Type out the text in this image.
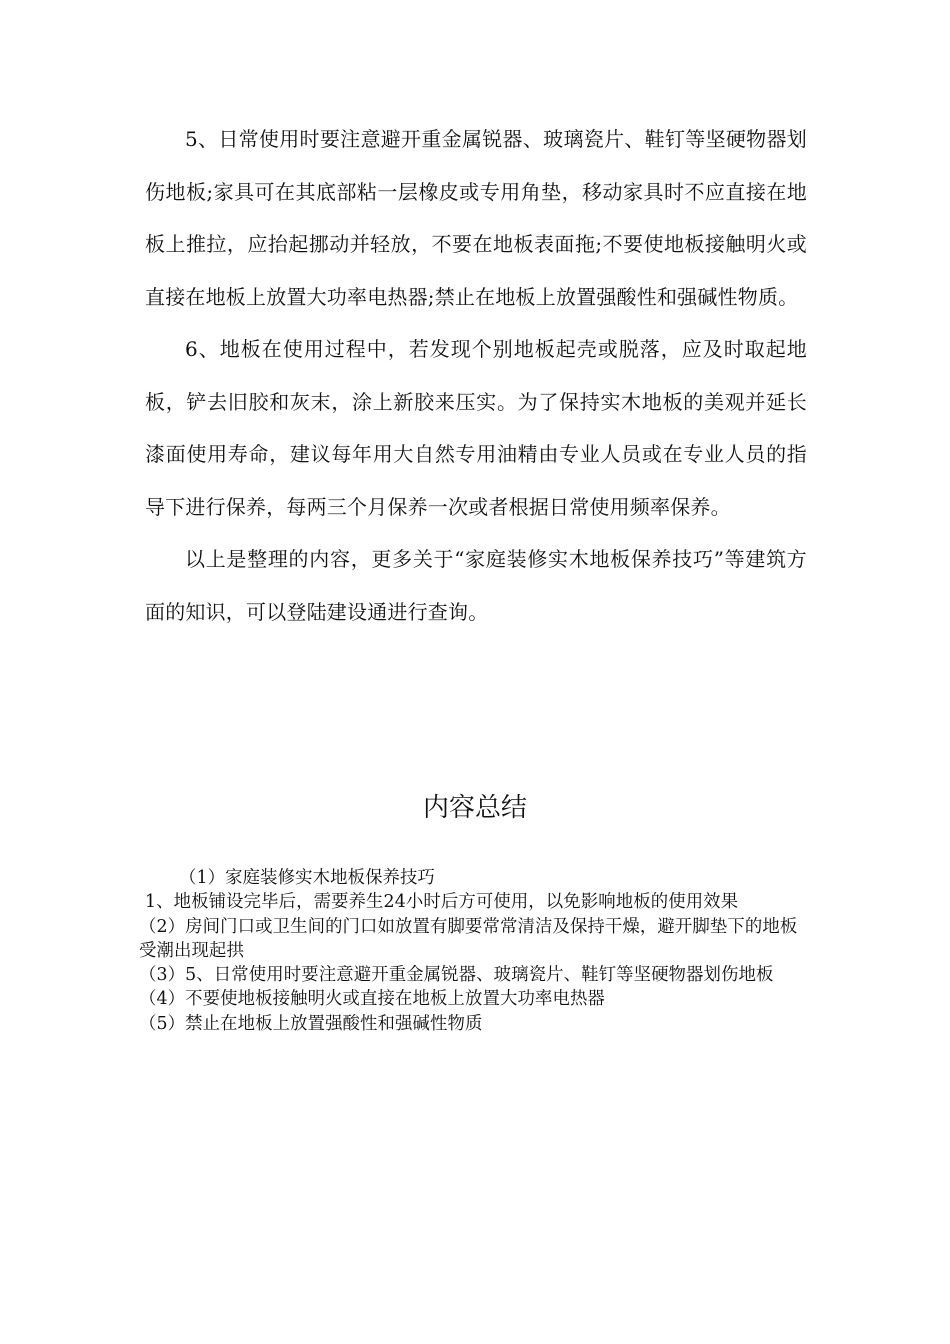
5、日常使用时要注意避开重金属锐器、玻璃瓷片、鞋钉等坚硬物器划伤地板;家具可在其底部粘一层橡皮或专用角垫，移动家具时不应直接在地板上推拉，应抬起挪动并轻放，不要在地板表面拖;不要使地板接触明火或直接在地板上放置大功率电热器;禁止在地板上放置强酸性和强碱性物质。

6、地板在使用过程中，若发现个别地板起壳或脱落，应及时取起地板，铲去旧胶和灰末，涂上新胶来压实。为了保持实木地板的美观并延长漆面使用寿命，建议每年用大自然专用油精由专业人员或在专业人员的指导下进行保养，每两三个月保养一次或者根据日常使用频率保养。

以上是整理的内容，更多关于“家庭装修实木地板保养技巧”等建筑方面的知识，可以登陆建设通进行查询。

内容总结

（1）家庭装修实木地板保养技巧

1、地板铺设完毕后，需要养生24小时后方可使用，以免影响地板的使用效果

（2）房间门口或卫生间的门口如放置有脚要常常清洁及保持干燥，避开脚垫下的地板受潮出现起拱

（3）5、日常使用时要注意避开重金属锐器、玻璃瓷片、鞋钉等坚硬物器划伤地板

（4）不要使地板接触明火或直接在地板上放置大功率电热器

（5）禁止在地板上放置强酸性和强碱性物质
